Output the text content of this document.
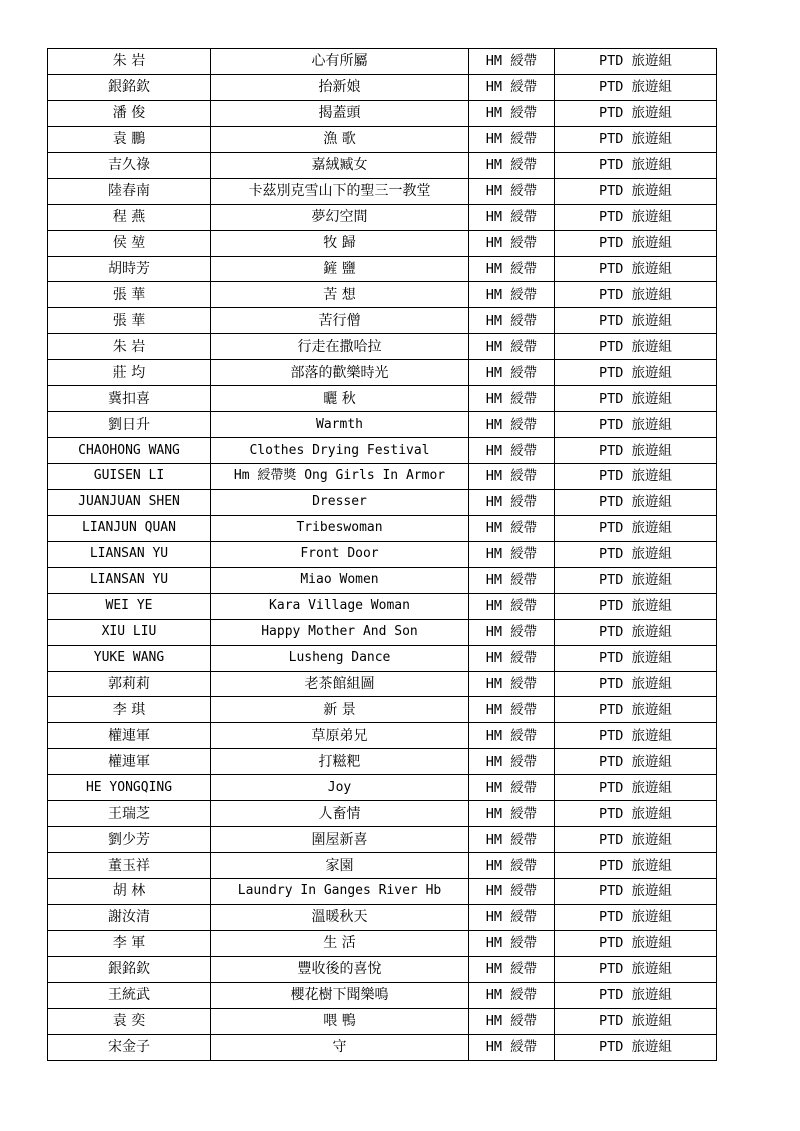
朱 岩	心有所屬	HM 綬帶	PTD 旅遊組
銀銘欽	抬新娘	HM 綬帶	PTD 旅遊組
潘 俊	揭蓋頭	HM 綬帶	PTD 旅遊組
袁 鵬	漁 歌	HM 綬帶	PTD 旅遊組
吉久祿	嘉絨臧女	HM 綬帶	PTD 旅遊組
陸春南	卡茲別克雪山下的聖三一教堂	HM 綬帶	PTD 旅遊組
程 燕	夢幻空間	HM 綬帶	PTD 旅遊組
侯 堃	牧 歸	HM 綬帶	PTD 旅遊組
胡時芳	鏟 鹽	HM 綬帶	PTD 旅遊組
張 華	苦 想	HM 綬帶	PTD 旅遊組
張 華	苦行僧	HM 綬帶	PTD 旅遊組
朱 岩	行走在撒哈拉	HM 綬帶	PTD 旅遊組
莊 均	部落的歡樂時光	HM 綬帶	PTD 旅遊組
冀扣喜	曬 秋	HM 綬帶	PTD 旅遊組
劉日升	Warmth	HM 綬帶	PTD 旅遊組
CHAOHONG WANG	Clothes Drying Festival	HM 綬帶	PTD 旅遊組
GUISEN LI	Hm 綬帶獎 Ong Girls In Armor	HM 綬帶	PTD 旅遊組
JUANJUAN SHEN	Dresser	HM 綬帶	PTD 旅遊組
LIANJUN QUAN	Tribeswoman	HM 綬帶	PTD 旅遊組
LIANSAN YU	Front Door	HM 綬帶	PTD 旅遊組
LIANSAN YU	Miao Women	HM 綬帶	PTD 旅遊組
WEI YE	Kara Village Woman	HM 綬帶	PTD 旅遊組
XIU LIU	Happy Mother And Son	HM 綬帶	PTD 旅遊組
YUKE WANG	Lusheng Dance	HM 綬帶	PTD 旅遊組
郭莉莉	老茶館組圖	HM 綬帶	PTD 旅遊組
李 琪	新 景	HM 綬帶	PTD 旅遊組
權連軍	草原弟兄	HM 綬帶	PTD 旅遊組
權連軍	打糍粑	HM 綬帶	PTD 旅遊組
HE YONGQING	Joy	HM 綬帶	PTD 旅遊組
王瑞芝	人畜情	HM 綬帶	PTD 旅遊組
劉少芳	圍屋新喜	HM 綬帶	PTD 旅遊組
董玉祥	家園	HM 綬帶	PTD 旅遊組
胡 林	Laundry In Ganges River Hb	HM 綬帶	PTD 旅遊組
謝汝清	溫暖秋天	HM 綬帶	PTD 旅遊組
李 軍	生 活	HM 綬帶	PTD 旅遊組
銀銘欽	豐收後的喜悅	HM 綬帶	PTD 旅遊組
王統武	櫻花樹下聞樂鳴	HM 綬帶	PTD 旅遊組
袁 奕	喂 鴨	HM 綬帶	PTD 旅遊組
宋金子	守	HM 綬帶	PTD 旅遊組
